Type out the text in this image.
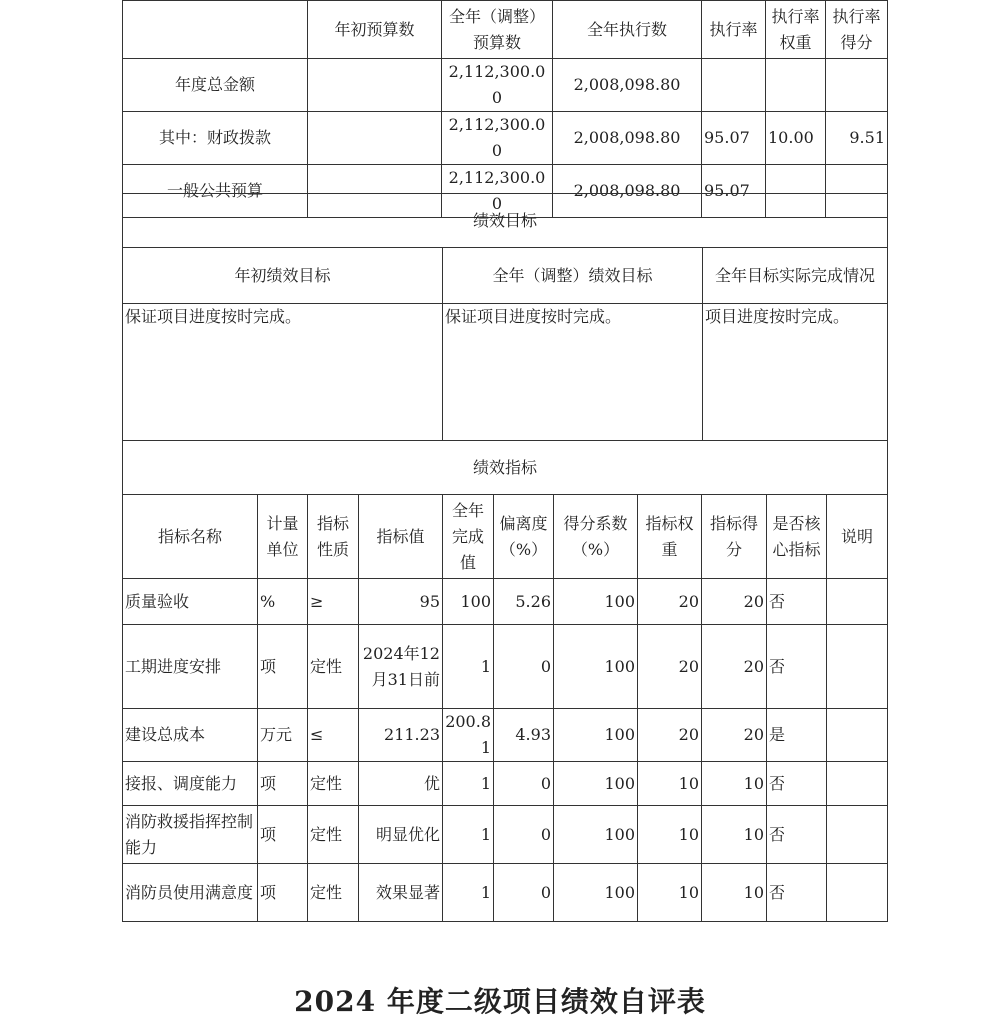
	年初预算数	全年（调整）预算数	全年执行数	执行率	执行率权重	执行率得分
年度总金额		2,112,300.00	2,008,098.80			
其中：财政拨款		2,112,300.00	2,008,098.80	95.07	10.00	9.51
一般公共预算		2,112,300.00	2,008,098.80	95.07		
绩效目标		
年初绩效目标	全年（调整）绩效目标	全年目标实际完成情况
保证项目进度按时完成。	保证项目进度按时完成。	项目进度按时完成。
绩效指标										
指标名称	计量单位	指标性质	指标值	全年完成值	偏离度（%）	得分系数（%）	指标权重	指标得分	是否核心指标	说明
质量验收	%	≥	95	100	5.26	100	20	20	否	
工期进度安排	项	定性	2024年12月31日前	1	0	100	20	20	否	
建设总成本	万元	≤	211.23	200.81	4.93	100	20	20	是	
接报、调度能力	项	定性	优	1	0	100	10	10	否	
消防救援指挥控制能力	项	定性	明显优化	1	0	100	10	10	否	
消防员使用满意度	项	定性	效果显著	1	0	100	10	10	否	
2024 年度二级项目绩效自评表
